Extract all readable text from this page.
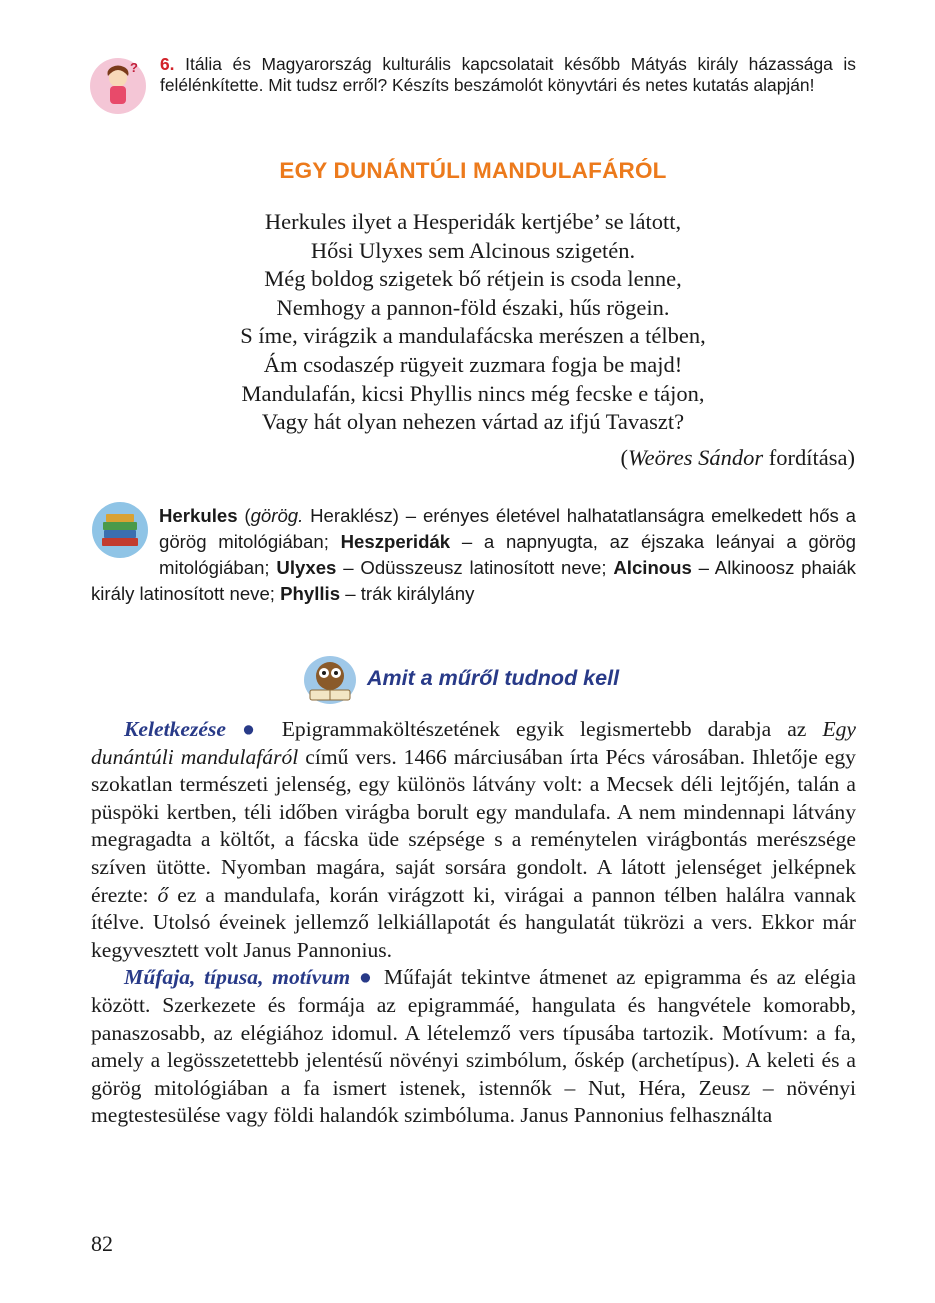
? 6. Itália és Magyarország kulturális kapcsolatait később Mátyás király házassága is felélénkítette. Mit tudsz erről? Készíts beszámolót könyvtári és netes kutatás alapján!
EGY DUNÁNTÚLI MANDULAFÁRÓL
Herkules ilyet a Hesperidák kertjébe’ se látott,
Hősi Ulyxes sem Alcinous szigetén.
Még boldog szigetek bő rétjein is csoda lenne,
Nemhogy a pannon-föld északi, hűs rögein.
S íme, virágzik a mandulafácska merészen a télben,
Ám csodaszép rügyeit zuzmara fogja be majd!
Mandulafán, kicsi Phyllis nincs még fecske e tájon,
Vagy hát olyan nehezen vártad az ifjú Tavaszt?
(Weöres Sándor fordítása)
Herkules (görög. Heraklész) – erényes életével halhatatlanságra emelkedett hős a görög mitológiában; Heszperidák – a napnyugta, az éjszaka leányai a görög mitológiában; Ulyxes – Odüsszeusz latinosított neve; Alcinous – Alkinoosz phaiák király latinosított neve; Phyllis – trák királylány
Amit a műről tudnod kell

Keletkezése ● Epigrammaköltészetének egyik legismertebb darabja az Egy dunántúli mandulafáról című vers. 1466 márciusában írta Pécs városában. Ihletője egy szokatlan természeti jelenség, egy különös látvány volt: a Mecsek déli lejtőjén, talán a püspöki kertben, téli időben virágba borult egy mandulafa. A nem mindennapi látvány megragadta a költőt, a fácska üde szépsége s a reménytelen virágbontás merészsége szíven ütötte. Nyomban magára, saját sorsára gondolt. A látott jelenséget jelképnek érezte: ő ez a mandulafa, korán virágzott ki, virágai a pannon télben halálra vannak ítélve. Utolsó éveinek jellemző lelkiállapotát és hangulatát tükrözi a vers. Ekkor már kegyvesztett volt Janus Pannonius.

Műfaja, típusa, motívum ● Műfaját tekintve átmenet az epigramma és az elégia között. Szerkezete és formája az epigrammáé, hangulata és hangvétele komorabb, panaszosabb, az elégiához idomul. A lételemző vers típusába tartozik. Motívum: a fa, amely a legösszetettebb jelentésű növényi szimbólum, őskép (archetípus). A keleti és a görög mitológiában a fa ismert istenek, istennők – Nut, Héra, Zeusz – növényi megtestesülése vagy földi halandók szimbóluma. Janus Pannonius felhasználta

82
